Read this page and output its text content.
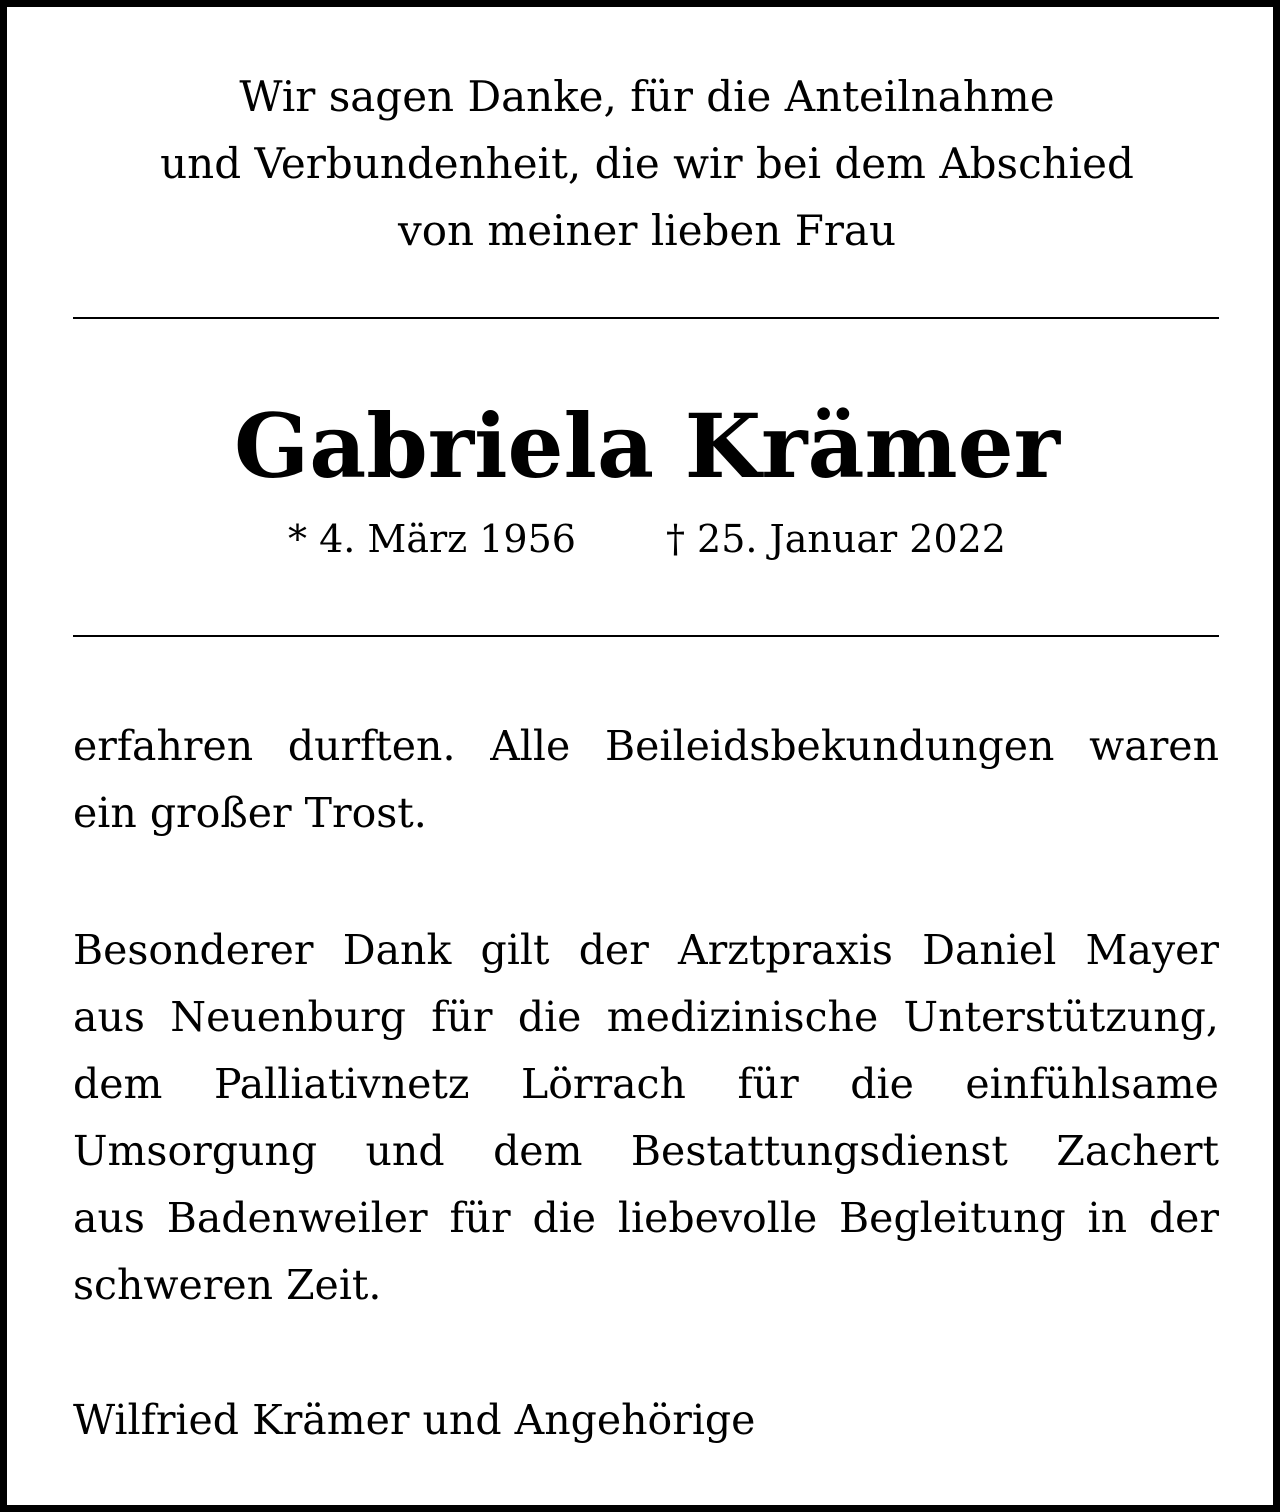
Wir sagen Danke, für die Anteilnahme
und Verbundenheit, die wir bei dem Abschied
von meiner lieben Frau
Gabriela Krämer
* 4. März 1956 † 25. Januar 2022
erfahren durften. Alle Beileidsbekundungen waren
ein großer Trost.
Besonderer Dank gilt der Arztpraxis Daniel Mayer
aus Neuenburg für die medizinische Unterstützung,
dem Palliativnetz Lörrach für die einfühlsame
Umsorgung und dem Bestattungsdienst Zachert
aus Badenweiler für die liebevolle Begleitung in der
schweren Zeit.
Wilfried Krämer und Angehörige
